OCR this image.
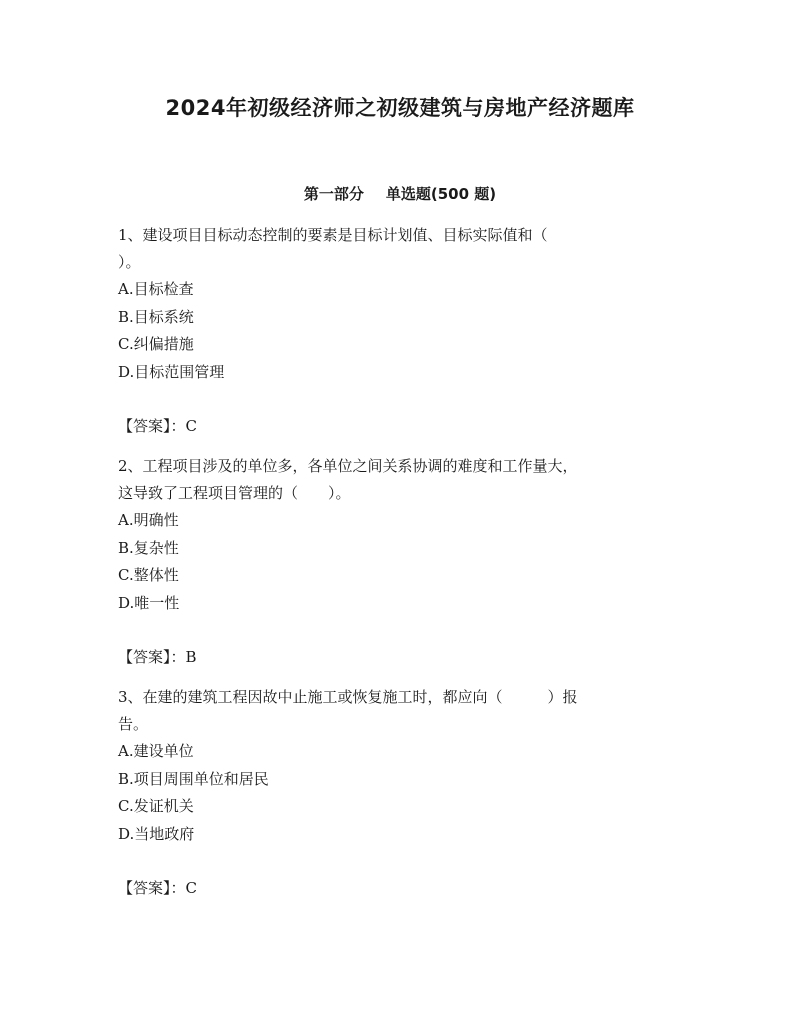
2024年初级经济师之初级建筑与房地产经济题库
第一部分 单选题(500 题)

1、建设项目目标动态控制的要素是目标计划值、目标实际值和（

）。

A.目标检查

B.目标系统

C.纠偏措施

D.目标范围管理

【答案】：C

2、工程项目涉及的单位多，各单位之间关系协调的难度和工作量大，

这导致了工程项目管理的（　　）。

A.明确性

B.复杂性

C.整体性

D.唯一性

【答案】：B

3、在建的建筑工程因故中止施工或恢复施工时，都应向（　　　）报

告。

A.建设单位

B.项目周围单位和居民

C.发证机关

D.当地政府

【答案】：C
